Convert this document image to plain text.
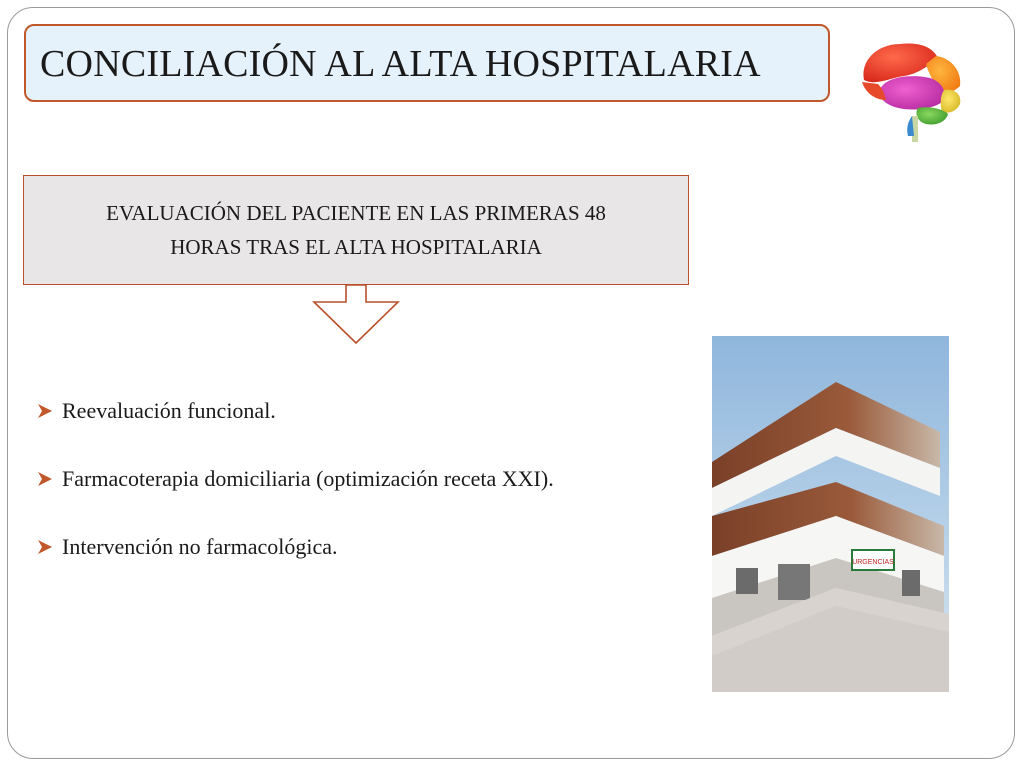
CONCILIACIÓN AL ALTA HOSPITALARIA
EVALUACIÓN DEL PACIENTE EN LAS PRIMERAS 48
HORAS TRAS EL ALTA HOSPITALARIA
Reevaluación funcional.
Farmacoterapia domiciliaria (optimización receta XXI).
Intervención no farmacológica.
URGENCIAS
